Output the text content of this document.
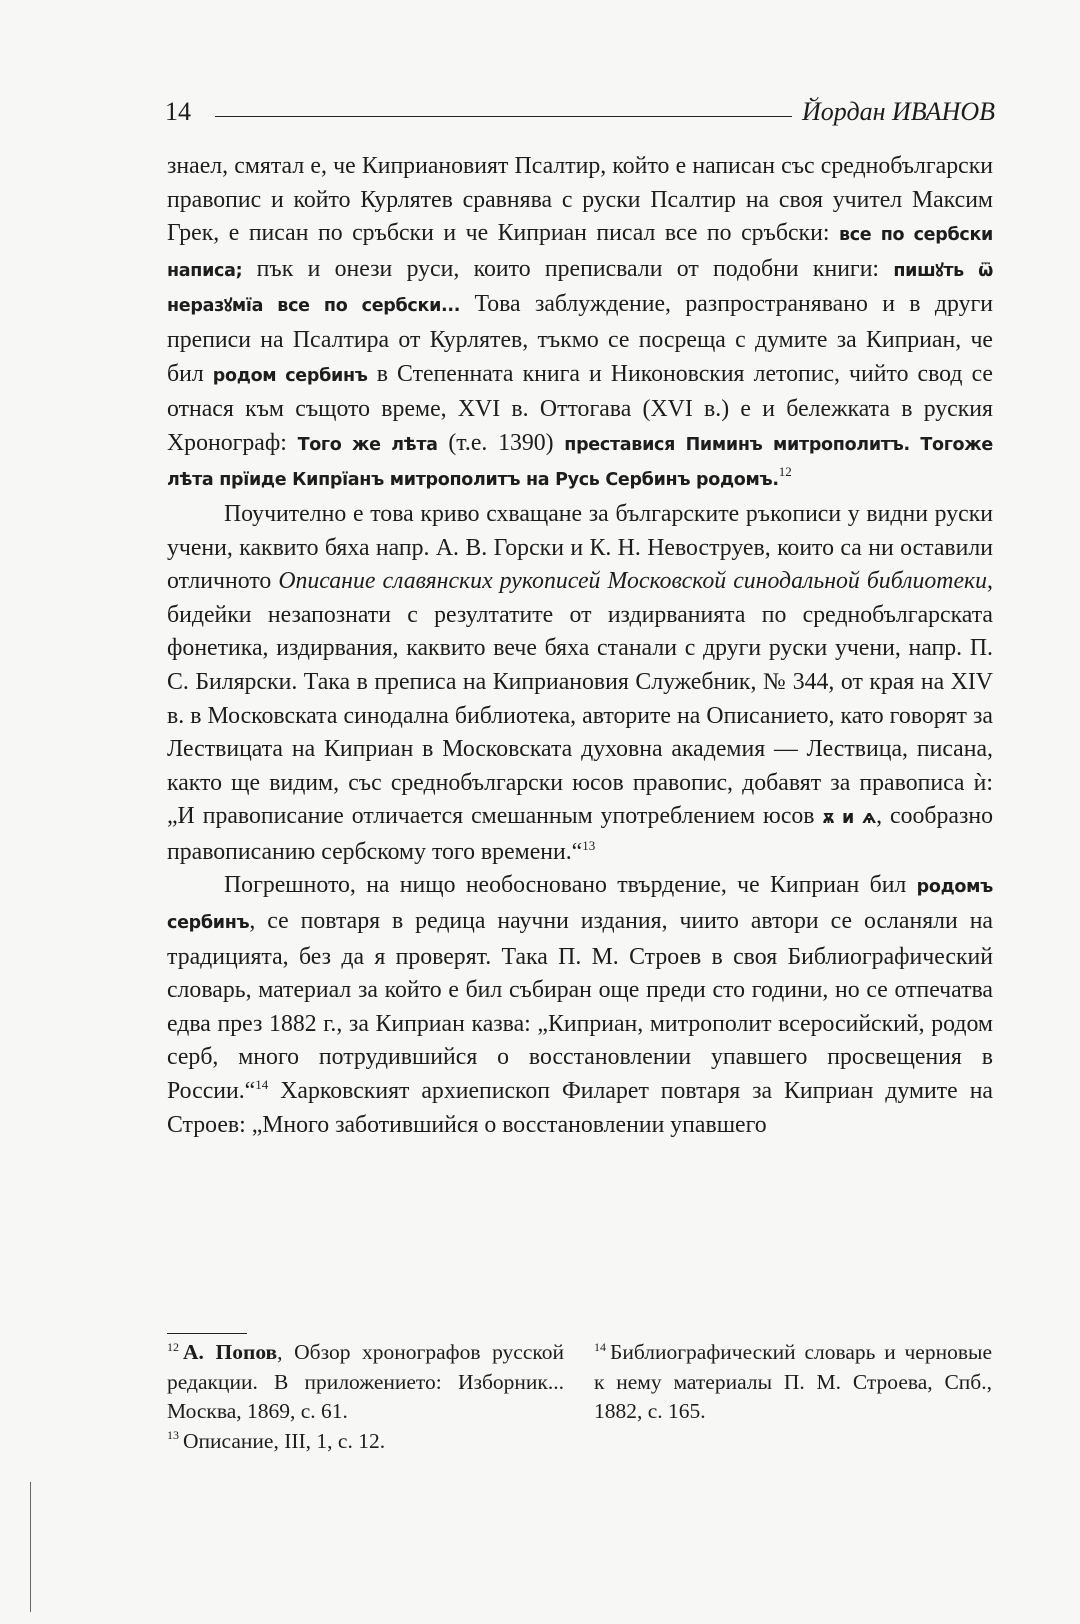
14	Йордан ИВАНОВ

знаел, смятал е, че Киприановият Псалтир, който е написан със среднобългарски правопис и който Курлятев сравнява с руски Псалтир на своя учител Максим Грек, е писан по сръбски и че Киприан писал все по сръбски: все по сербски написа; пък и онези руси, които преписвали от подобни книги: пишꙋть ѿ неразꙋмїа все по сербски... Това заблуждение, разпространявано и в други преписи на Псалтира от Курлятев, тъкмо се посреща с думите за Киприан, че бил родом сербинъ в Степенната книга и Никоновския летопис, чийто свод се отнася към същото време, XVI в. Оттогава (XVI в.) е и бележката в руския Хронограф: Того же лѣта (т.е. 1390) преставися Пиминъ митрополитъ. Тогоже лѣта прїиде Кипрїанъ митрополитъ на Русь Сербинъ родомъ.$^{12}$

Поучително е това криво схващане за българските ръкописи у видни руски учени, каквито бяха напр. А. В. Горски и К. Н. Невоструев, които са ни оставили отличното Описание славянских рукописей Московской синодальной библиотеки, бидейки незапознати с резултатите от издирванията по среднобългарската фонетика, издирвания, каквито вече бяха станали с други руски учени, напр. П. С. Билярски. Така в преписа на Киприановия Служебник, № 344, от края на XIV в. в Московската синодална библиотека, авторите на Описанието, като говорят за Лествицата на Киприан в Московската духовна академия — Лествица, писана, както ще видим, със среднобългарски юсов правопис, добавят за правописа ѝ: „И правописание отличается смешанным употреблением юсов ѫ и ѧ, сообразно правописанию сербскому того времени.“$^{13}$

Погрешното, на нищо необосновано твърдение, че Киприан бил родомъ сербинъ, се повтаря в редица научни издания, чиито автори се осланяли на традицията, без да я проверят. Така П. М. Строев в своя Библиографический словарь, материал за който е бил събиран още преди сто години, но се отпечатва едва през 1882 г., за Киприан казва: „Киприан, митрополит всеросийский, родом серб, много потрудившийся о восстановлении упавшего просвещения в России.“$^{14}$ Харковският архиепископ Филарет повтаря за Киприан думите на Строев: „Много заботившийся о восстановлении упавшего

$^{12}$ А. Попов, Обзор хронографов русской редакции. В приложението: Изборник... Москва, 1869, с. 61.

$^{13}$ Описание, III, 1, с. 12.

$^{14}$ Библиографический словарь и черновые к нему материалы П. М. Строева, Спб., 1882, с. 165.
